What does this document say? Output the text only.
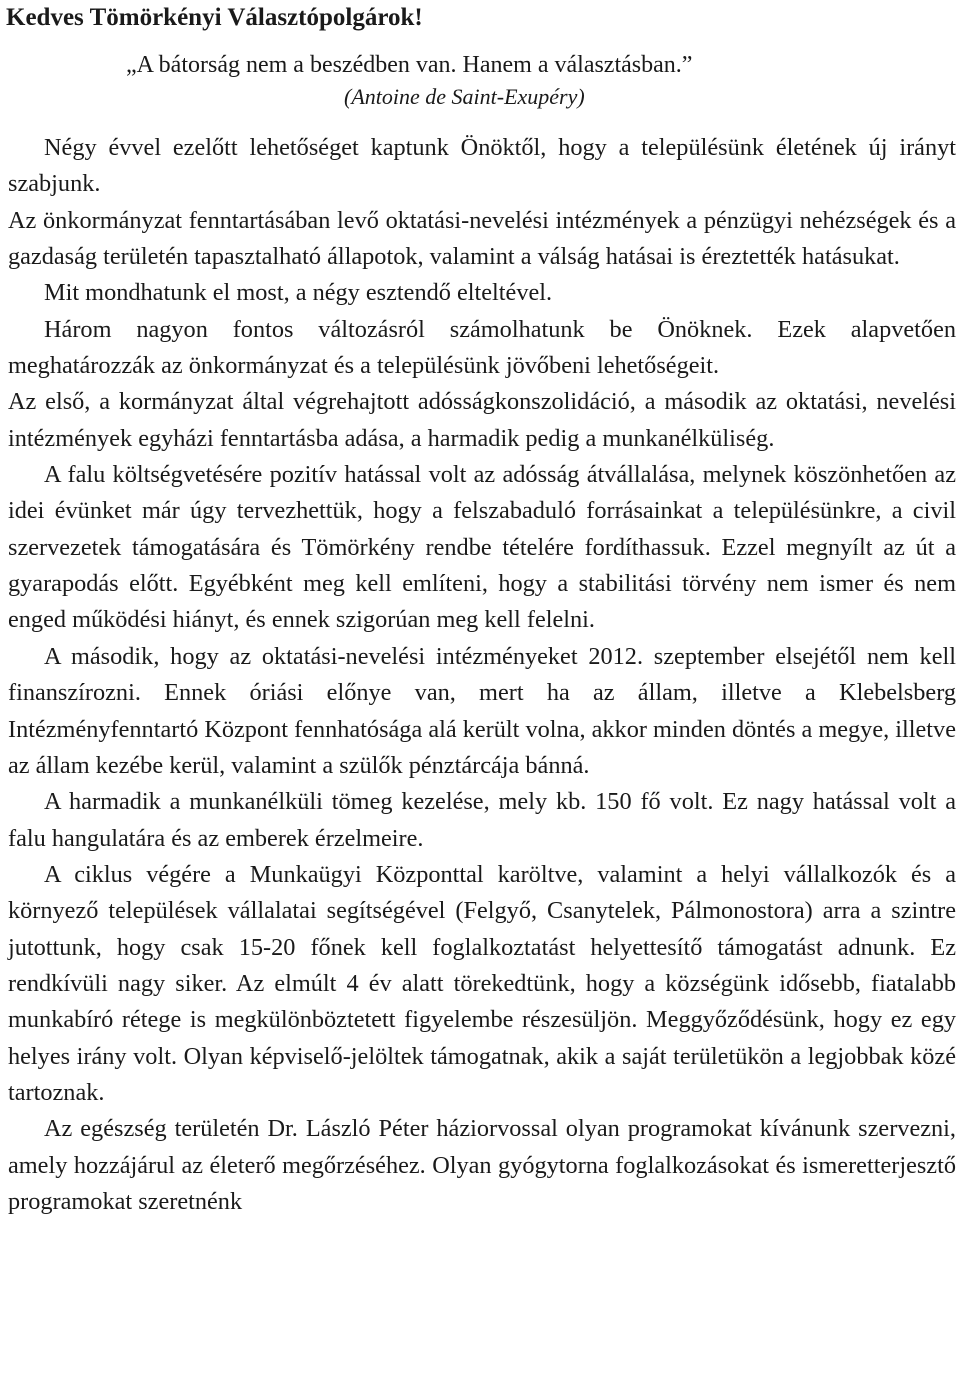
Kedves Tömörkényi Választópolgárok!
„A bátorság nem a beszédben van. Hanem a választásban.”
(Antoine de Saint-Exupéry)

Négy évvel ezelőtt lehetőséget kaptunk Önöktől, hogy a településünk életének új irányt szabjunk.

Az önkormányzat fenntartásában levő oktatási-nevelési intézmények a pénzügyi nehézségek és a gazdaság területén tapasztalható állapotok, valamint a válság hatásai is éreztették hatásukat.

Mit mondhatunk el most, a négy esztendő elteltével.

Három nagyon fontos változásról számolhatunk be Önöknek. Ezek alapvetően meghatározzák az önkormányzat és a településünk jövőbeni lehetőségeit.

Az első, a kormányzat által végrehajtott adósságkonszolidáció, a második az oktatási, nevelési intézmények egyházi fenntartásba adása, a harmadik pedig a munkanélküliség.

A falu költségvetésére pozitív hatással volt az adósság átvállalása, melynek köszönhetően az idei évünket már úgy tervezhettük, hogy a felszabaduló forrásainkat a településünkre, a civil szervezetek támogatására és Tömörkény rendbe tételére fordíthassuk. Ezzel megnyílt az út a gyarapodás előtt. Egyébként meg kell említeni, hogy a stabilitási törvény nem ismer és nem enged működési hiányt, és ennek szigorúan meg kell felelni.

A második, hogy az oktatási-nevelési intézményeket 2012. szeptember elsejétől nem kell finanszírozni. Ennek óriási előnye van, mert ha az állam, illetve a Klebelsberg Intézményfenntartó Központ fennhatósága alá került volna, akkor minden döntés a megye, illetve az állam kezébe kerül, valamint a szülők pénztárcája bánná.

A harmadik a munkanélküli tömeg kezelése, mely kb. 150 fő volt. Ez nagy hatással volt a falu hangulatára és az emberek érzelmeire.

A ciklus végére a Munkaügyi Központtal karöltve, valamint a helyi vállalkozók és a környező települések vállalatai segítségével (Felgyő, Csanytelek, Pálmonostora) arra a szintre jutottunk, hogy csak 15-20 főnek kell foglalkoztatást helyettesítő támogatást adnunk. Ez rendkívüli nagy siker. Az elmúlt 4 év alatt törekedtünk, hogy a községünk idősebb, fiatalabb munkabíró rétege is megkülönböztetett figyelembe részesüljön. Meggyőződésünk, hogy ez egy helyes irány volt. Olyan képviselő-jelöltek támogatnak, akik a saját területükön a legjobbak közé tartoznak.

Az egészség területén Dr. László Péter háziorvossal olyan programokat kívánunk szervezni, amely hozzájárul az életerő megőrzéséhez. Olyan gyógytorna foglalkozásokat és ismeretterjesztő programokat szeretnénk
